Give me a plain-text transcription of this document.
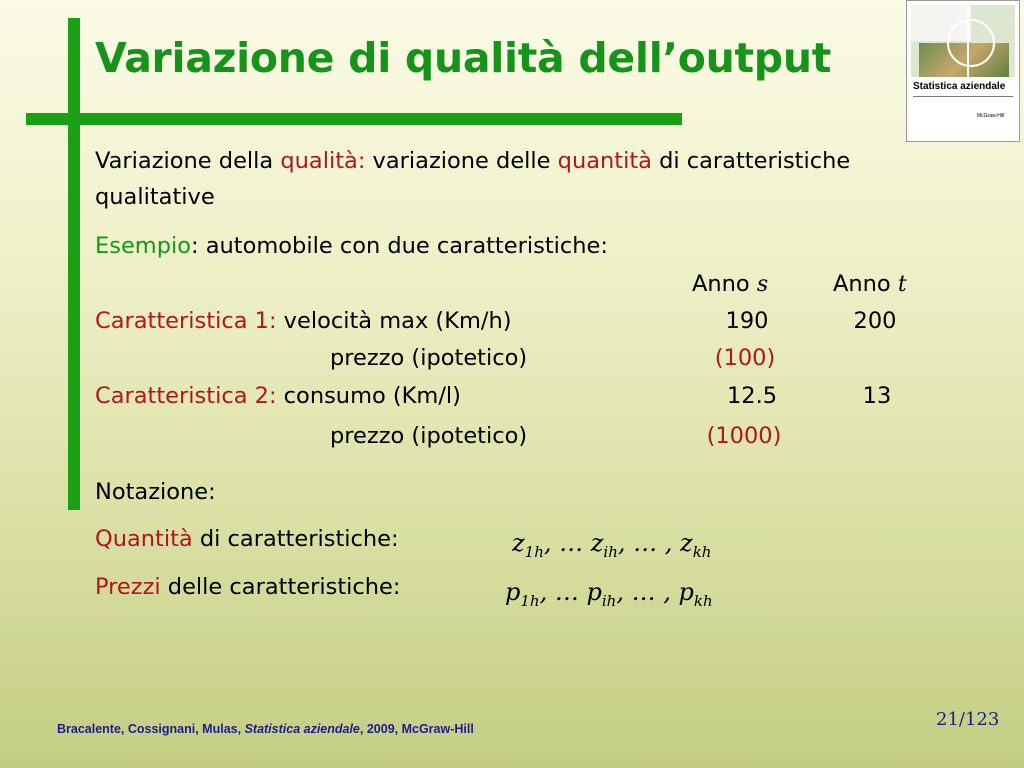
Variazione di qualità dell’output
Statistica aziendale
McGraw-Hill
Variazione della qualità: variazione delle quantità di caratteristiche
qualitative
Esempio: automobile con due caratteristiche:
Anno s	Anno t
Caratteristica 1: velocità max (Km/h)	190	200
prezzo (ipotetico)	(100)
Caratteristica 2: consumo (Km/l)	12.5	13
prezzo (ipotetico)	(1000)
Notazione:
Quantità di caratteristiche:	$z_{1h}$, … $z_{ih}$, … , $z_{kh}$
Prezzi delle caratteristiche:	$p_{1h}$, … $p_{ih}$, … , $p_{kh}$
Bracalente, Cossignani, Mulas, Statistica aziendale, 2009, McGraw-Hill	21/123
